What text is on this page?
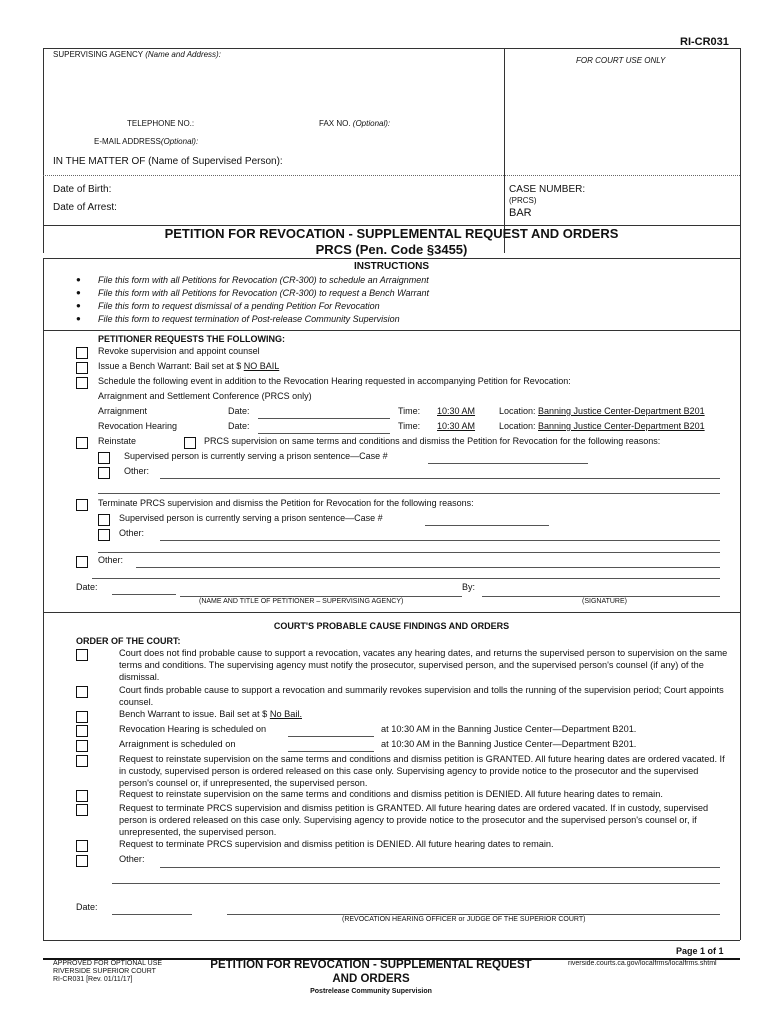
RI-CR031
SUPERVISING AGENCY (Name and Address):
FOR COURT USE ONLY
TELEPHONE NO.:	FAX NO. (Optional):
E-MAIL ADDRESS(Optional):
IN THE MATTER OF (Name of Supervised Person):
Date of Birth:
Date of Arrest:
CASE NUMBER:
(PRCS)
BAR
PETITION FOR REVOCATION - SUPPLEMENTAL REQUEST AND ORDERS
PRCS (Pen. Code §3455)
INSTRUCTIONS
● File this form with all Petitions for Revocation (CR-300) to schedule an Arraignment
● File this form with all Petitions for Revocation (CR-300) to request a Bench Warrant
● File this form to request dismissal of a pending Petition For Revocation
● File this form to request termination of Post-release Community Supervision
PETITIONER REQUESTS THE FOLLOWING:
Revoke supervision and appoint counsel
Issue a Bench Warrant: Bail set at $ NO BAIL
Schedule the following event in addition to the Revocation Hearing requested in accompanying Petition for Revocation:
Arraignment and Settlement Conference (PRCS only)
Arraignment	Date:	Time: 10:30 AM	Location: Banning Justice Center-Department B201
Revocation Hearing	Date:	Time: 10:30 AM	Location: Banning Justice Center-Department B201
Reinstate	PRCS supervision on same terms and conditions and dismiss the Petition for Revocation for the following reasons:
Supervised person is currently serving a prison sentence—Case #
Other:
Terminate PRCS supervision and dismiss the Petition for Revocation for the following reasons:
Supervised person is currently serving a prison sentence—Case #
Other:
Other:
Date:	By:
(NAME AND TITLE OF PETITIONER – SUPERVISING AGENCY)	(SIGNATURE)
COURT'S PROBABLE CAUSE FINDINGS AND ORDERS
ORDER OF THE COURT:
Court does not find probable cause to support a revocation, vacates any hearing dates, and returns the supervised person to supervision on the same terms and conditions. The supervising agency must notify the prosecutor, supervised person, and the supervised person's counsel (if any) of the dismissal.
Court finds probable cause to support a revocation and summarily revokes supervision and tolls the running of the supervision period; Court appoints counsel.
Bench Warrant to issue. Bail set at $ No Bail.
Revocation Hearing is scheduled on	at 10:30 AM in the Banning Justice Center—Department B201.
Arraignment is scheduled on	at 10:30 AM in the Banning Justice Center—Department B201.
Request to reinstate supervision on the same terms and conditions and dismiss petition is GRANTED. All future hearing dates are ordered vacated. If in custody, supervised person is ordered released on this case only. Supervising agency to provide notice to the prosecutor and the supervised person's counsel or, if unrepresented, the supervised person.
Request to reinstate supervision on the same terms and conditions and dismiss petition is DENIED. All future hearing dates to remain.
Request to terminate PRCS supervision and dismiss petition is GRANTED. All future hearing dates are ordered vacated. If in custody, supervised person is ordered released on this case only. Supervising agency to provide notice to the prosecutor and the supervised person's counsel or, if unrepresented, the supervised person.
Request to terminate PRCS supervision and dismiss petition is DENIED. All future hearing dates to remain.
Other:
Date:
(REVOCATION HEARING OFFICER or JUDGE OF THE SUPERIOR COURT)
Page 1 of 1
APPROVED FOR OPTIONAL USE
RIVERSIDE SUPERIOR COURT
RI-CR031 [Rev. 01/11/17]
PETITION FOR REVOCATION - SUPPLEMENTAL REQUEST
AND ORDERS
Postrelease Community Supervision
riverside.courts.ca.gov/localfrms/localfrms.shtml
